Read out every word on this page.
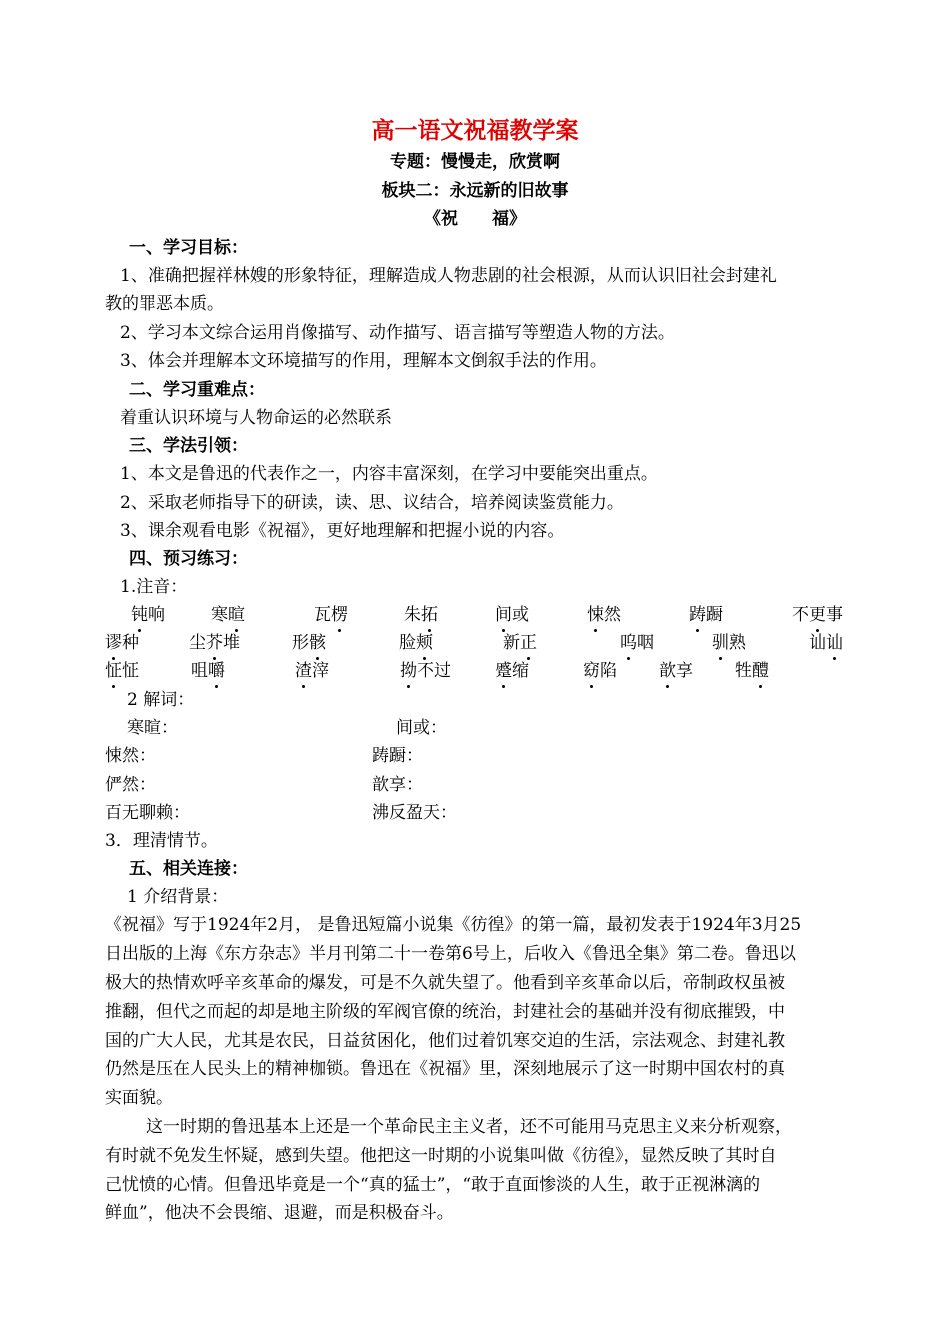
高一语文祝福教学案
专题：慢慢走，欣赏啊
板块二：永远新的旧故事
《祝　　福》
一、学习目标：
1、准确把握祥林嫂的形象特征，理解造成人物悲剧的社会根源，从而认识旧社会封建礼
教的罪恶本质。
2、学习本文综合运用肖像描写、动作描写、语言描写等塑造人物的方法。
3、体会并理解本文环境描写的作用，理解本文倒叙手法的作用。
二、学习重难点：
着重认识环境与人物命运的必然联系
三、学法引领：
1、本文是鲁迅的代表作之一，内容丰富深刻，在学习中要能突出重点。
2、采取老师指导下的研读，读、思、议结合，培养阅读鉴赏能力。
3、课余观看电影《祝福》，更好地理解和把握小说的内容。
四、预习练习：
1.注音：
钝响	寒暄	瓦楞	朱拓	间或	悚然	踌蹰	不更事
谬种	尘芥堆	形骸	脸颊	新正	呜咽	驯熟	讪讪
怔怔	咀嚼	渣滓	拗不过	蹙缩	窈陷 歆享 牲醴
2 解词：
寒暄：	间或：
悚然：	踌蹰：
俨然：	歆享：
百无聊赖：	沸反盈天：
3．理清情节。
五、相关连接：
1 介绍背景：
《祝福》写于1924年2月， 是鲁迅短篇小说集《彷徨》的第一篇，最初发表于1924年3月25
日出版的上海《东方杂志》半月刊第二十一卷第6号上，后收入《鲁迅全集》第二卷。鲁迅以
极大的热情欢呼辛亥革命的爆发，可是不久就失望了。他看到辛亥革命以后，帝制政权虽被
推翻，但代之而起的却是地主阶级的军阀官僚的统治，封建社会的基础并没有彻底摧毁，中
国的广大人民，尤其是农民，日益贫困化，他们过着饥寒交迫的生活，宗法观念、封建礼教
仍然是压在人民头上的精神枷锁。鲁迅在《祝福》里，深刻地展示了这一时期中国农村的真
实面貌。
这一时期的鲁迅基本上还是一个革命民主主义者，还不可能用马克思主义来分析观察，
有时就不免发生怀疑，感到失望。他把这一时期的小说集叫做《彷徨》，显然反映了其时自
己忧愤的心情。但鲁迅毕竟是一个“真的猛士”，“敢于直面惨淡的人生，敢于正视淋漓的
鲜血”，他决不会畏缩、退避，而是积极奋斗。
